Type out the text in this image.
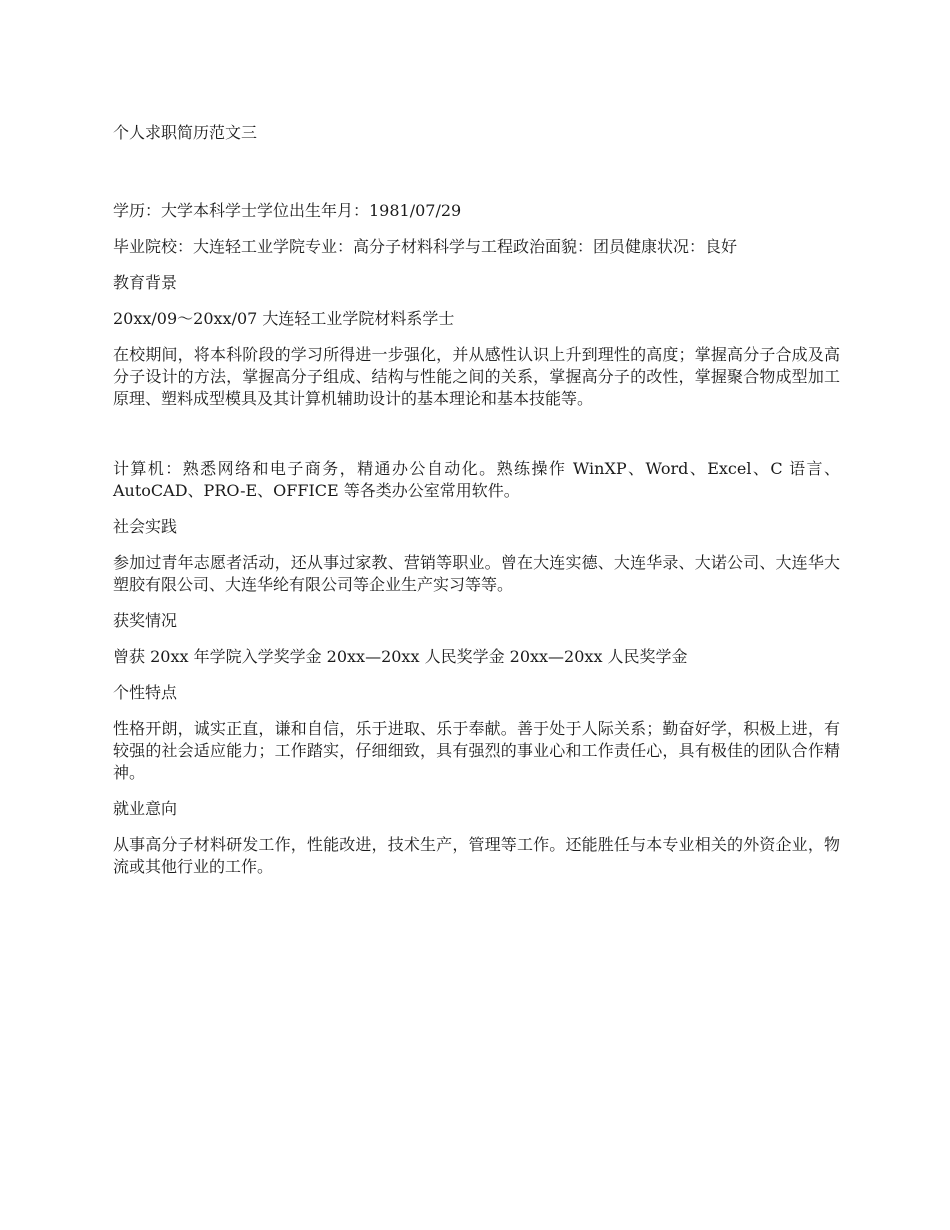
个人求职简历范文三

学历：大学本科学士学位出生年月：1981/07/29

毕业院校：大连轻工业学院专业：高分子材料科学与工程政治面貌：团员健康状况：良好

教育背景

20xx/09～20xx/07 大连轻工业学院材料系学士

在校期间，将本科阶段的学习所得进一步强化，并从感性认识上升到理性的高度；掌握高分子合成及高分子设计的方法，掌握高分子组成、结构与性能之间的关系，掌握高分子的改性，掌握聚合物成型加工原理、塑料成型模具及其计算机辅助设计的基本理论和基本技能等。

计算机：熟悉网络和电子商务，精通办公自动化。熟练操作 WinXP、Word、Excel、C 语言、AutoCAD、PRO-E、OFFICE 等各类办公室常用软件。

社会实践

参加过青年志愿者活动，还从事过家教、营销等职业。曾在大连实德、大连华录、大诺公司、大连华大塑胶有限公司、大连华纶有限公司等企业生产实习等等。

获奖情况

曾获 20xx 年学院入学奖学金 20xx—20xx 人民奖学金 20xx—20xx 人民奖学金

个性特点

性格开朗，诚实正直，谦和自信，乐于进取、乐于奉献。善于处于人际关系；勤奋好学，积极上进，有较强的社会适应能力；工作踏实，仔细细致，具有强烈的事业心和工作责任心，具有极佳的团队合作精神。

就业意向

从事高分子材料研发工作，性能改进，技术生产，管理等工作。还能胜任与本专业相关的外资企业，物流或其他行业的工作。
